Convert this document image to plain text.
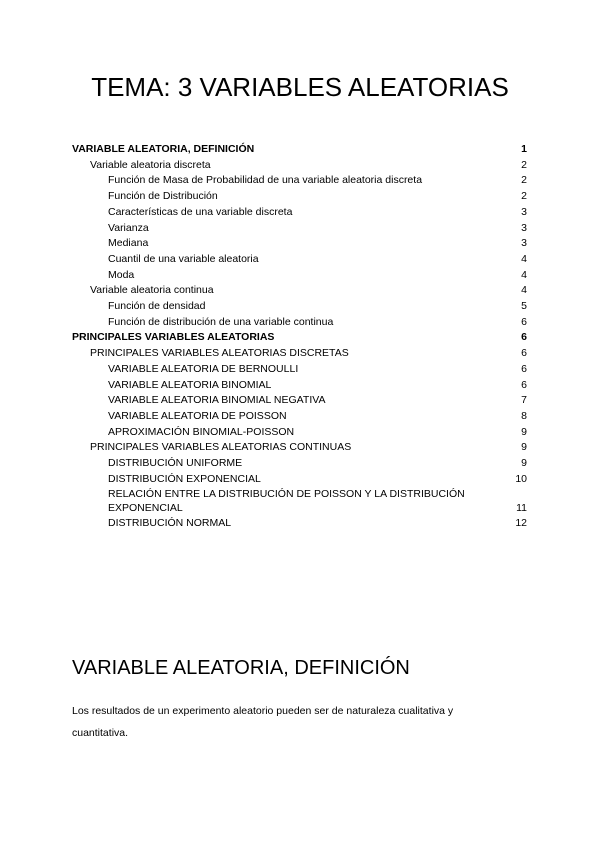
TEMA: 3 VARIABLES ALEATORIAS
VARIABLE ALEATORIA, DEFINICIÓN	1
Variable aleatoria discreta	2
Función de Masa de Probabilidad de una variable aleatoria discreta	2
Función de Distribución	2
Características de una variable discreta	3
Varianza	3
Mediana	3
Cuantil de una variable aleatoria	4
Moda	4
Variable aleatoria continua	4
Función de densidad	5
Función de distribución de una variable continua	6
PRINCIPALES VARIABLES ALEATORIAS	6
PRINCIPALES VARIABLES ALEATORIAS DISCRETAS	6
VARIABLE ALEATORIA DE BERNOULLI	6
VARIABLE ALEATORIA BINOMIAL	6
VARIABLE ALEATORIA BINOMIAL NEGATIVA	7
VARIABLE ALEATORIA DE POISSON	8
APROXIMACIÓN BINOMIAL-POISSON	9
PRINCIPALES VARIABLES ALEATORIAS CONTINUAS	9
DISTRIBUCIÓN UNIFORME	9
DISTRIBUCIÓN EXPONENCIAL	10
RELACIÓN ENTRE LA DISTRIBUCIÓN DE POISSON Y LA DISTRIBUCIÓN EXPONENCIAL	11
DISTRIBUCIÓN NORMAL	12
VARIABLE ALEATORIA, DEFINICIÓN

Los resultados de un experimento aleatorio pueden ser de naturaleza cualitativa y cuantitativa.
